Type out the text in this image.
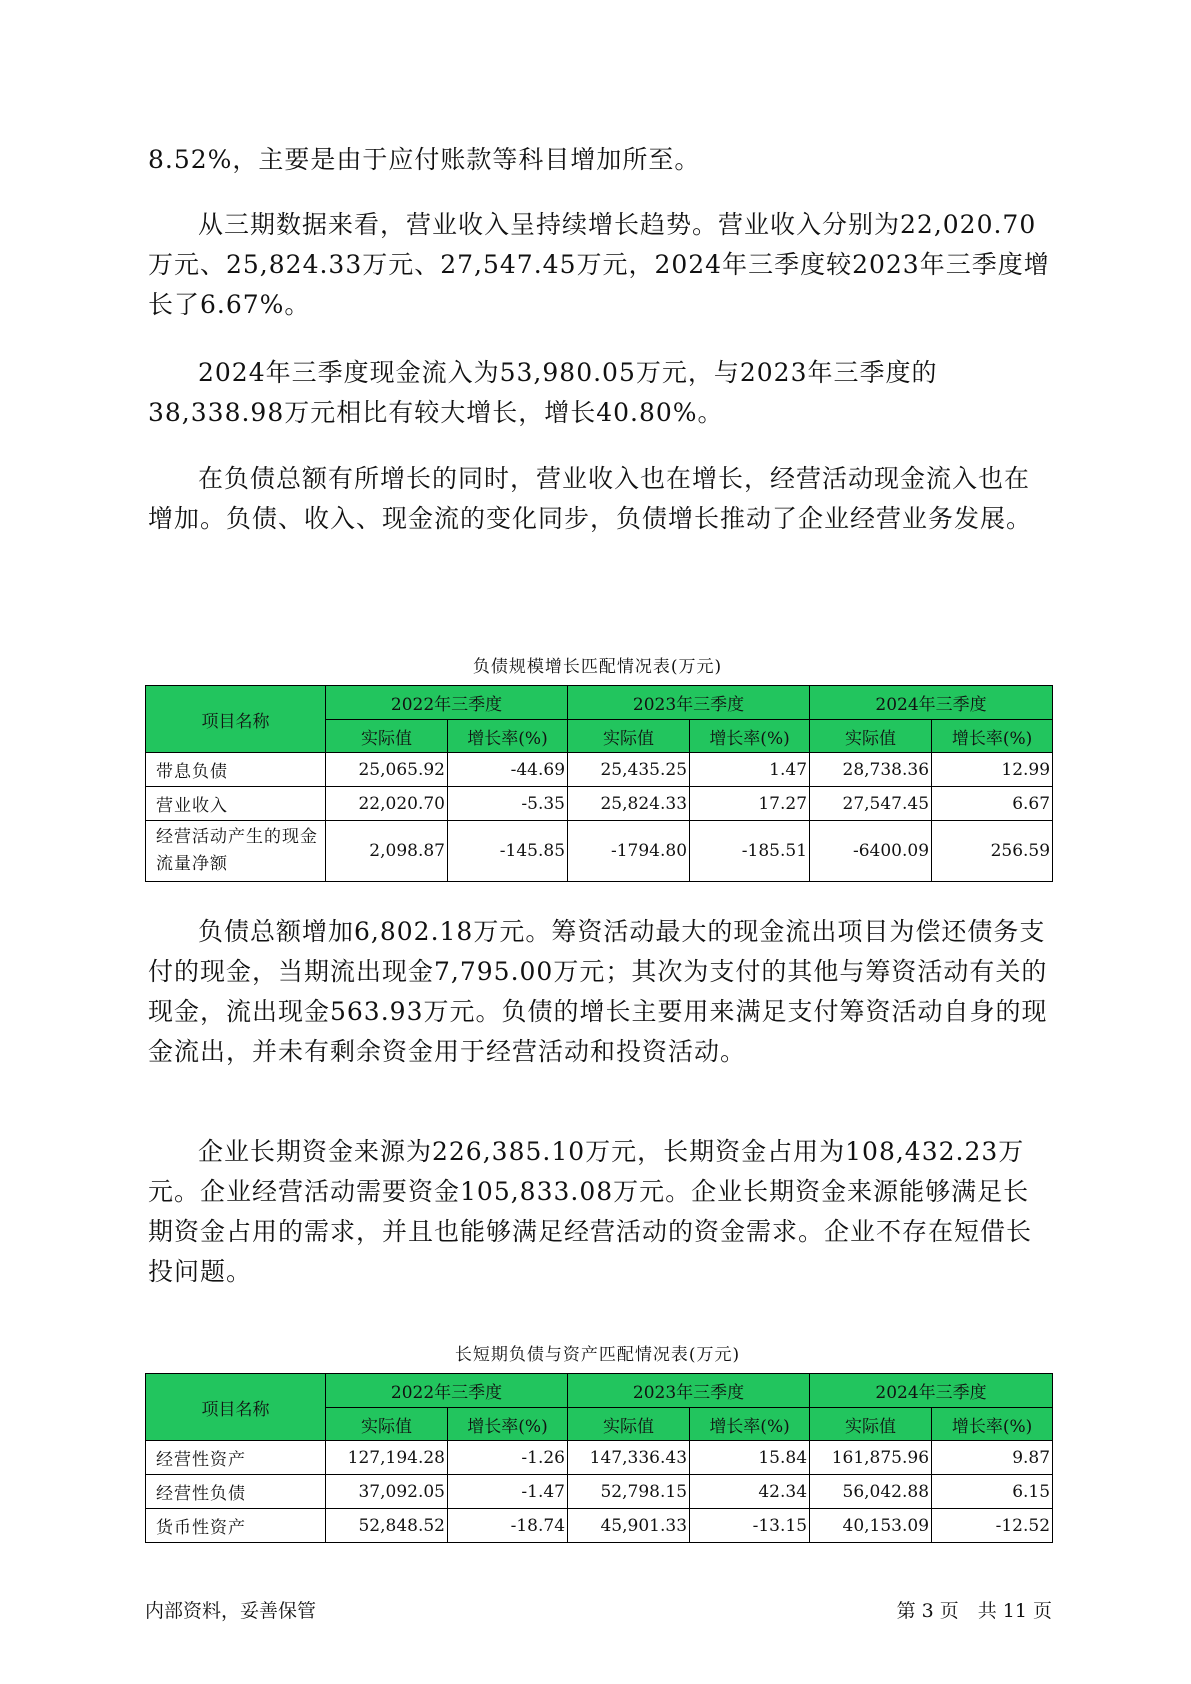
8.52%，主要是由于应付账款等科目增加所至。

从三期数据来看，营业收入呈持续增长趋势。营业收入分别为22,020.70万元、25,824.33万元、27,547.45万元，2024年三季度较2023年三季度增长了6.67%。

2024年三季度现金流入为53,980.05万元，与2023年三季度的38,338.98万元相比有较大增长，增长40.80%。

在负债总额有所增长的同时，营业收入也在增长，经营活动现金流入也在增加。负债、收入、现金流的变化同步，负债增长推动了企业经营业务发展。

负债规模增长匹配情况表(万元)

项目名称	2022年三季度		2023年三季度		2024年三季度	
	实际值	增长率(%)	实际值	增长率(%)	实际值	增长率(%)
带息负债	25,065.92	-44.69	25,435.25	1.47	28,738.36	12.99
营业收入	22,020.70	-5.35	25,824.33	17.27	27,547.45	6.67
经营活动产生的现金流量净额	2,098.87	-145.85	-1794.80	-185.51	-6400.09	256.59

负债总额增加6,802.18万元。筹资活动最大的现金流出项目为偿还债务支付的现金，当期流出现金7,795.00万元；其次为支付的其他与筹资活动有关的现金，流出现金563.93万元。负债的增长主要用来满足支付筹资活动自身的现金流出，并未有剩余资金用于经营活动和投资活动。

企业长期资金来源为226,385.10万元，长期资金占用为108,432.23万元。企业经营活动需要资金105,833.08万元。企业长期资金来源能够满足长期资金占用的需求，并且也能够满足经营活动的资金需求。企业不存在短借长投问题。

长短期负债与资产匹配情况表(万元)

项目名称	2022年三季度		2023年三季度		2024年三季度	
	实际值	增长率(%)	实际值	增长率(%)	实际值	增长率(%)
经营性资产	127,194.28	-1.26	147,336.43	15.84	161,875.96	9.87
经营性负债	37,092.05	-1.47	52,798.15	42.34	56,042.88	6.15
货币性资产	52,848.52	-18.74	45,901.33	-13.15	40,153.09	-12.52

内部资料，妥善保管	第 3 页　共 11 页
